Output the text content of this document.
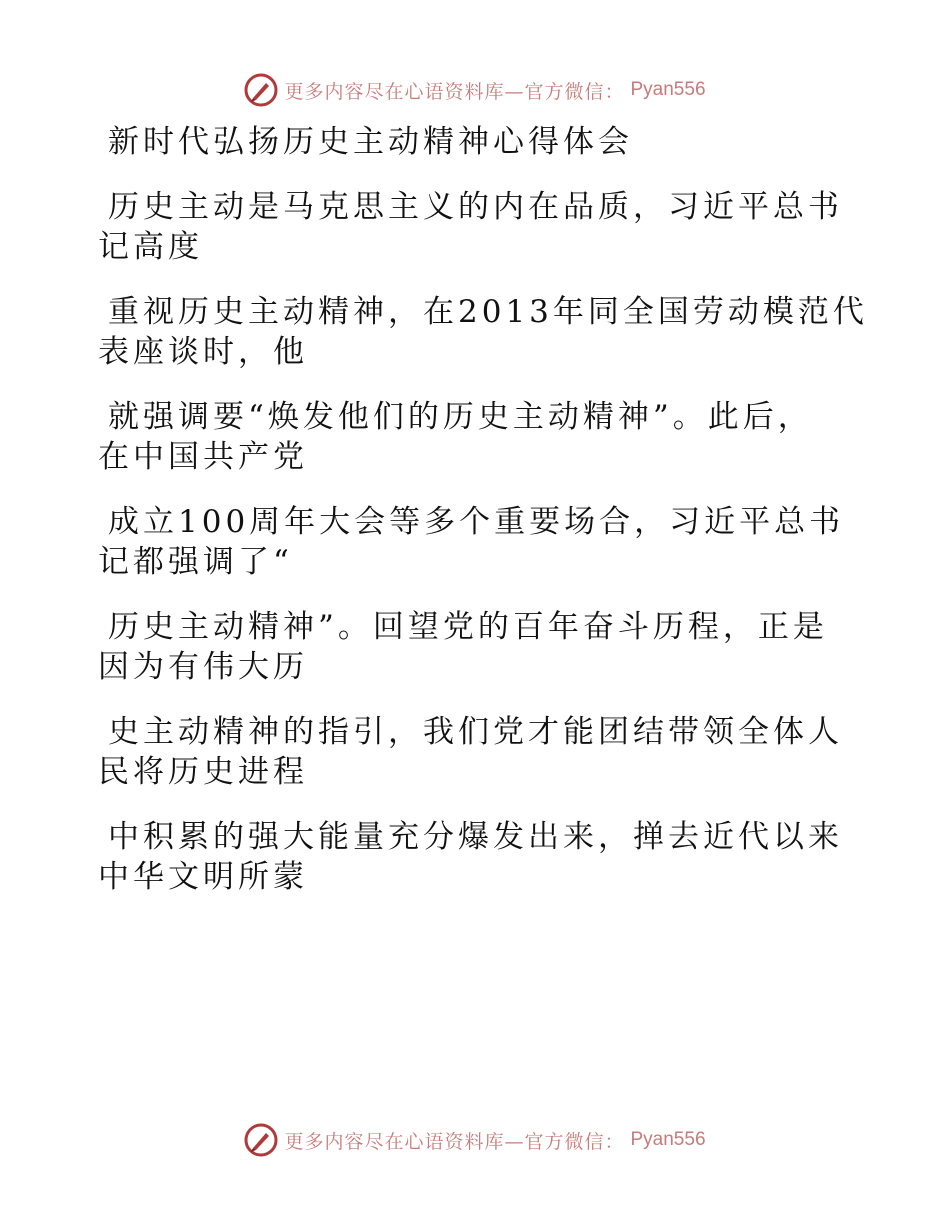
更多内容尽在心语资料库—官方微信： Pyan556
新时代弘扬历史主动精神心得体会
历史主动是马克思主义的内在品质，习近平总书
记高度
重视历史主动精神，在2013年同全国劳动模范代
表座谈时，他
就强调要“焕发他们的历史主动精神”。此后，
在中国共产党
成立100周年大会等多个重要场合，习近平总书
记都强调了“
历史主动精神”。回望党的百年奋斗历程，正是
因为有伟大历
史主动精神的指引，我们党才能团结带领全体人
民将历史进程
中积累的强大能量充分爆发出来，掸去近代以来
中华文明所蒙
更多内容尽在心语资料库—官方微信： Pyan556
